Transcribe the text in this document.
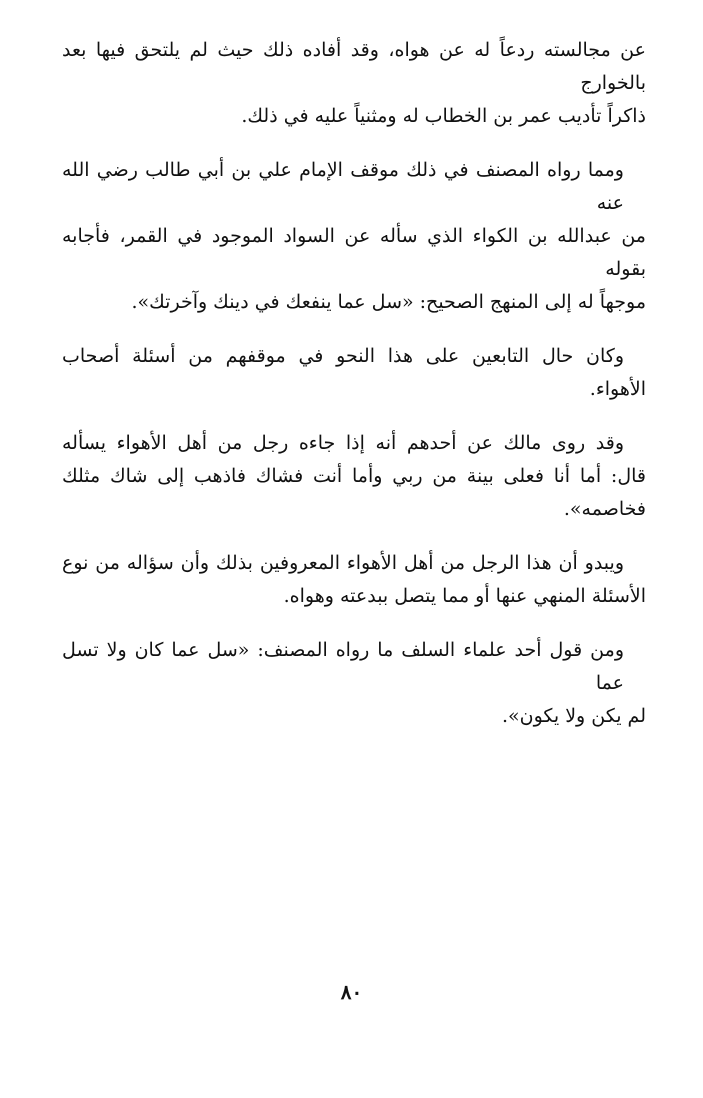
عن مجالسته ردعاً له عن هواه، وقد أفاده ذلك حيث لم يلتحق فيها بعد بالخوارج
ذاكراً تأديب عمر بن الخطاب له ومثنياً عليه في ذلك.

ومما رواه المصنف في ذلك موقف الإمام علي بن أبي طالب رضي الله عنه
من عبدالله بن الكواء الذي سأله عن السواد الموجود في القمر، فأجابه بقوله
موجهاً له إلى المنهج الصحيح: «سل عما ينفعك في دينك وآخرتك».

وكان حال التابعين على هذا النحو في موقفهم من أسئلة أصحاب
الأهواء.

وقد روى مالك عن أحدهم أنه إذا جاءه رجل من أهل الأهواء يسأله
قال: أما أنا فعلى بينة من ربي وأما أنت فشاك فاذهب إلى شاك مثلك
فخاصمه».

ويبدو أن هذا الرجل من أهل الأهواء المعروفين بذلك وأن سؤاله من نوع
الأسئلة المنهي عنها أو مما يتصل ببدعته وهواه.

ومن قول أحد علماء السلف ما رواه المصنف: «سل عما كان ولا تسل عما
لم يكن ولا يكون».

٨٠
